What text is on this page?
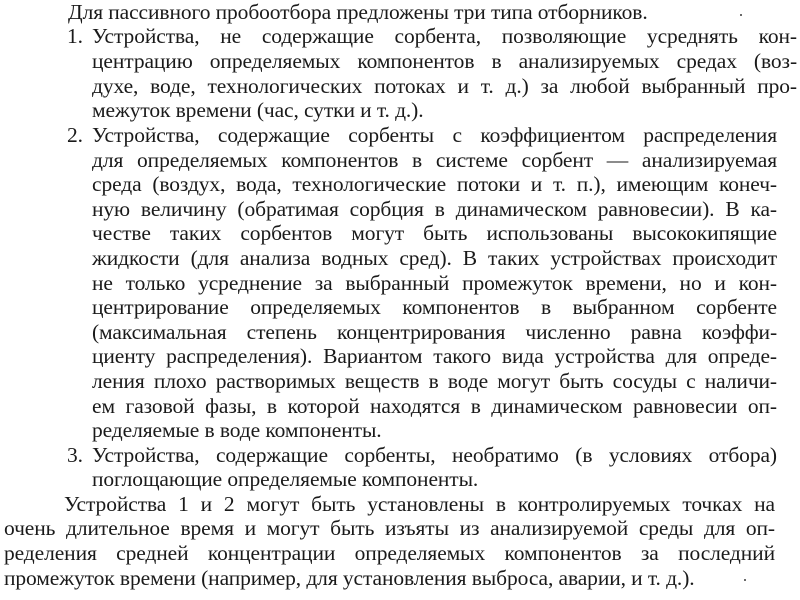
Для пассивного пробоотбора предложены три типа отборников.
1. Устройства, не содержащие сорбента, позволяющие усреднять кон-
центрацию определяемых компонентов в анализируемых средах (воз-
духе, воде, технологических потоках и т. д.) за любой выбранный про-
межуток времени (час, сутки и т. д.).
2. Устройства, содержащие сорбенты с коэффициентом распределения
для определяемых компонентов в системе сорбент — анализируемая
среда (воздух, вода, технологические потоки и т. п.), имеющим конеч-
ную величину (обратимая сорбция в динамическом равновесии). В ка-
честве таких сорбентов могут быть использованы высококипящие
жидкости (для анализа водных сред). В таких устройствах происходит
не только усреднение за выбранный промежуток времени, но и кон-
центрирование определяемых компонентов в выбранном сорбенте
(максимальная степень концентрирования численно равна коэффи-
циенту распределения). Вариантом такого вида устройства для опреде-
ления плохо растворимых веществ в воде могут быть сосуды с наличи-
ем газовой фазы, в которой находятся в динамическом равновесии оп-
ределяемые в воде компоненты.
3. Устройства, содержащие сорбенты, необратимо (в условиях отбора)
поглощающие определяемые компоненты.
Устройства 1 и 2 могут быть установлены в контролируемых точках на
очень длительное время и могут быть изъяты из анализируемой среды для оп-
ределения средней концентрации определяемых компонентов за последний
промежуток времени (например, для установления выброса, аварии, и т. д.).
